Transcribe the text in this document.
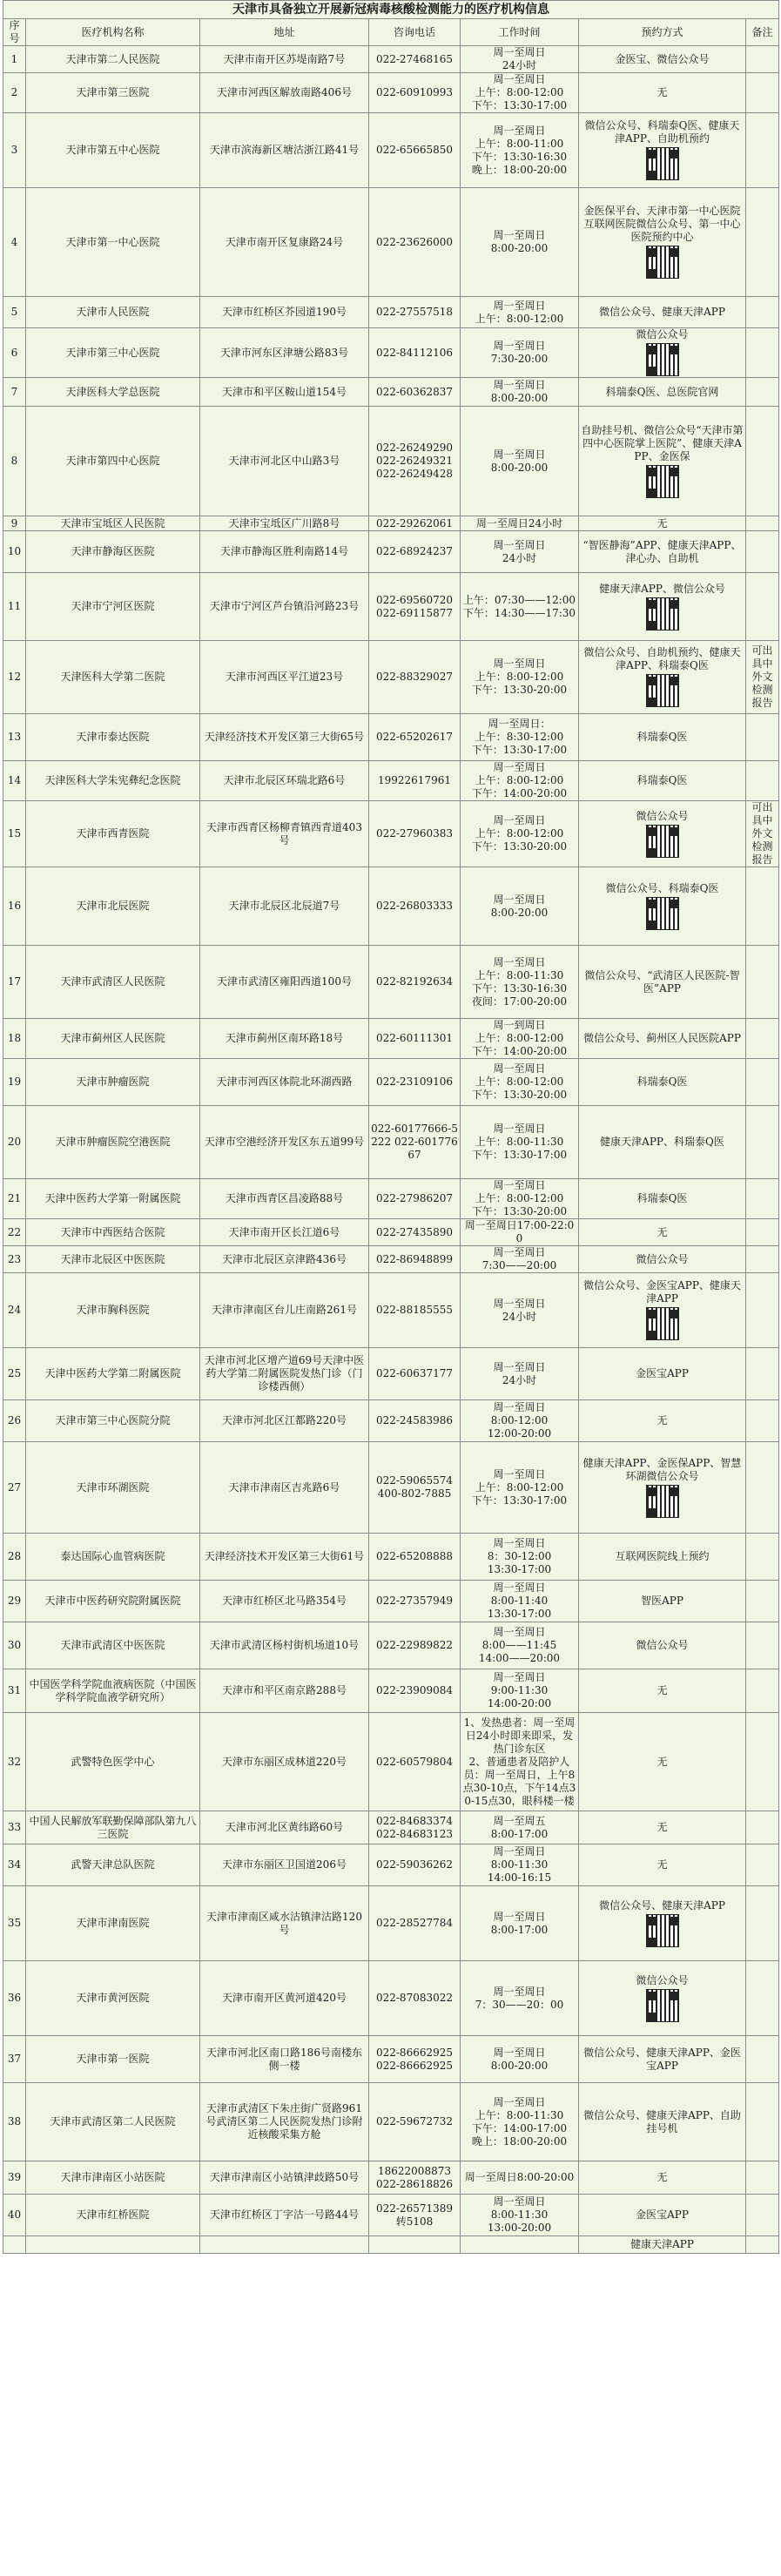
天津市具备独立开展新冠病毒核酸检测能力的医疗机构信息
序号	医疗机构名称	地址	咨询电话	工作时间	预约方式	备注
1	天津市第二人民医院	天津市南开区苏堤南路7号	022-27468165	周一至周日
24小时	金医宝、微信公众号	

2	天津市第三医院	天津市河西区解放南路406号	022-60910993	周一至周日
上午：8:00-12:00
下午：13:30-17:00	无	

3	天津市第五中心医院	天津市滨海新区塘沽浙江路41号	022-65665850	周一至周日
上午：8:00-11:00
下午：13:30-16:30
晚上：18:00-20:00	微信公众号、科瑞泰Q医、健康天津APP、自助机预约	

4	天津市第一中心医院	天津市南开区复康路24号	022-23626000	周一至周日
8:00-20:00	金医保平台、天津市第一中心医院互联网医院微信公众号、第一中心医院预约中心	

5	天津市人民医院	天津市红桥区芥园道190号	022-27557518	周一至周日
上午：8:00-12:00	微信公众号、健康天津APP	

6	天津市第三中心医院	天津市河东区津塘公路83号	022-84112106	周一至周日
7:30-20:00	微信公众号	

7	天津医科大学总医院	天津市和平区鞍山道154号	022-60362837	周一至周日
8:00-20:00	科瑞泰Q医、总医院官网	

8	天津市第四中心医院	天津市河北区中山路3号	022-26249290
022-26249321
022-26249428	周一至周日
8:00-20:00	自助挂号机、微信公众号“天津市第四中心医院掌上医院”、健康天津APP、金医保	

9	天津市宝坻区人民医院	天津市宝坻区广川路8号	022-29262061	周一至周日24小时	无	

10	天津市静海区医院	天津市静海区胜利南路14号	022-68924237	周一至周日
24小时	“智医静海”APP、健康天津APP、津心办、自助机	

11	天津市宁河区医院	天津市宁河区芦台镇沿河路23号	022-69560720
022-69115877	上午：07:30——12:00
下午：14:30——17:30	健康天津APP、微信公众号	

12	天津医科大学第二医院	天津市河西区平江道23号	022-88329027	周一至周日
上午：8:00-12:00
下午：13:30-20:00	微信公众号、自助机预约、健康天津APP、科瑞泰Q医	可出具中外文检测报告
13	天津市泰达医院	天津经济技术开发区第三大街65号	022-65202617	周一至周日：
上午：8:30-12:00
下午：13:30-17:00	科瑞泰Q医	

14	天津医科大学朱宪彝纪念医院	天津市北辰区环瑞北路6号	19922617961	周一至周日
上午：8:00-12:00
下午：14:00-20:00	科瑞泰Q医	

15	天津市西青医院	天津市西青区杨柳青镇西青道403号	022-27960383	周一至周日
上午：8:00-12:00
下午：13:30-20:00	微信公众号	可出具中外文检测报告
16	天津市北辰医院	天津市北辰区北辰道7号	022-26803333	周一至周日
8:00-20:00	微信公众号、科瑞泰Q医	

17	天津市武清区人民医院	天津市武清区雍阳西道100号	022-82192634	周一至周日
上午：8:00-11:30
下午：13:30-16:30
夜间：17:00-20:00	微信公众号、“武清区人民医院-智医”APP	

18	天津市蓟州区人民医院	天津市蓟州区南环路18号	022-60111301	周一到周日
上午：8:00-12:00
下午：14:00-20:00	微信公众号、蓟州区人民医院APP	

19	天津市肿瘤医院	天津市河西区体院北环湖西路	022-23109106	周一至周日
上午：8:00-12:00
下午：13:30-20:00	科瑞泰Q医	

20	天津市肿瘤医院空港医院	天津市空港经济开发区东五道99号	022-60177666-5222 022-60177667	周一至周日
上午：8:00-11:30
下午：13:30-17:00	健康天津APP、科瑞泰Q医	

21	天津中医药大学第一附属医院	天津市西青区昌凌路88号	022-27986207	周一至周日
上午：8:00-12:00
下午：13:30-20:00	科瑞泰Q医	

22	天津市中西医结合医院	天津市南开区长江道6号	022-27435890	周一至周日17:00-22:00	无	

23	天津市北辰区中医医院	天津市北辰区京津路436号	022-86948899	周一至周日
7:30——20:00	微信公众号	

24	天津市胸科医院	天津市津南区台儿庄南路261号	022-88185555	周一至周日
24小时	微信公众号、金医宝APP、健康天津APP	

25	天津中医药大学第二附属医院	天津市河北区增产道69号天津中医药大学第二附属医院发热门诊（门诊楼西侧）	022-60637177	周一至周日
24小时	金医宝APP	

26	天津市第三中心医院分院	天津市河北区江都路220号	022-24583986	周一至周日
8:00-12:00
12:00-20:00	无	

27	天津市环湖医院	天津市津南区吉兆路6号	022-59065574
400-802-7885	周一至周日
上午：8:00-12:00
下午：13:30-17:00	健康天津APP、金医保APP、智慧环湖微信公众号	

28	泰达国际心血管病医院	天津经济技术开发区第三大街61号	022-65208888	周一至周日
8：30-12:00
13:30-17:00	互联网医院线上预约	

29	天津市中医药研究院附属医院	天津市红桥区北马路354号	022-27357949	周一至周日
8:00-11:40
13:30-17:00	智医APP	

30	天津市武清区中医医院	天津市武清区杨村街机场道10号	022-22989822	周一至周日
8:00——11:45
14:00——20:00	微信公众号	

31	中国医学科学院血液病医院（中国医学科学院血液学研究所）	天津市和平区南京路288号	022-23909084	周一至周日
9:00-11:30
14:00-20:00	无	

32	武警特色医学中心	天津市东丽区成林道220号	022-60579804	1、发热患者：周一至周日24小时即来即采，发热门诊东区
2、普通患者及陪护人员：周一至周日，上午8点30-10点，下午14点30-15点30，眼科楼一楼	无	

33	中国人民解放军联勤保障部队第九八三医院	天津市河北区黄纬路60号	022-84683374
022-84683123	周一至周五
8:00-17:00	无	

34	武警天津总队医院	天津市东丽区卫国道206号	022-59036262	周一至周日
8:00-11:30
14:00-16:15	无	

35	天津市津南医院	天津市津南区咸水沽镇津沽路120号	022-28527784	周一至周日
8:00-17:00	微信公众号、健康天津APP	

36	天津市黄河医院	天津市南开区黄河道420号	022-87083022	周一至周日
7：30——20：00	微信公众号	

37	天津市第一医院	天津市河北区南口路186号南楼东侧一楼	022-86662925
022-86662925	周一至周日
8:00-20:00	微信公众号、健康天津APP、金医宝APP	

38	天津市武清区第二人民医院	天津市武清区下朱庄街广贤路961号武清区第二人民医院发热门诊附近核酸采集方舱	022-59672732	周一至周日
上午：8:00-11:30
下午：14:00-17:00
晚上：18:00-20:00	微信公众号、健康天津APP、自助挂号机	

39	天津市津南区小站医院	天津市津南区小站镇津歧路50号	18622008873
022-28618826	周一至周日8:00-20:00	无	

40	天津市红桥医院	天津市红桥区丁字沽一号路44号	022-26571389转5108	周一至周日
8:00-11:30
13:00-20:00	金医宝APP	

					健康天津APP	
